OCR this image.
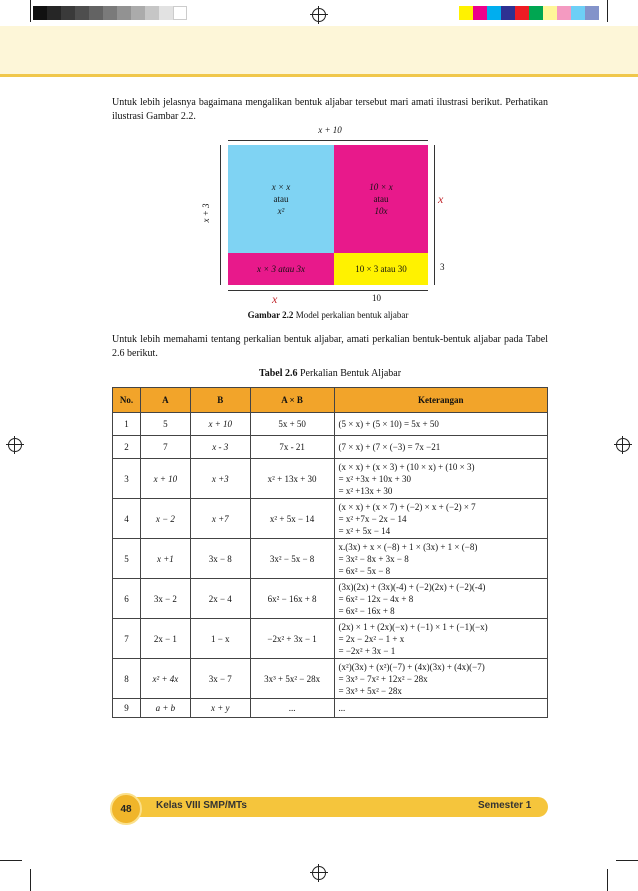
Untuk lebih jelasnya bagaimana mengalikan bentuk aljabar tersebut mari amati ilustrasi berikut. Perhatikan ilustrasi Gambar 2.2.

x + 10
x + 3
x × x
atau
x²
10 × x
atau
10x
x × 3 atau 3x	10 × 3 atau 30
x
3
x	10
Gambar 2.2 Model perkalian bentuk aljabar

Untuk lebih memahami tentang perkalian bentuk aljabar, amati perkalian bentuk-bentuk aljabar pada Tabel 2.6 berikut.

Tabel 2.6 Perkalian Bentuk Aljabar
No.	A	B	A × B	Keterangan
1	5	x + 10	5x + 50	(5 × x) + (5 × 10) = 5x + 50
2	7	x - 3	7x - 21	(7 × x) + (7 × (−3) = 7x −21
3	x + 10	x +3	x² + 13x + 30	(x × x) + (x × 3) + (10 × x) + (10 × 3)
= x² +3x + 10x + 30
= x² +13x + 30

4	x − 2	x +7	x² + 5x − 14	(x × x) + (x × 7) + (−2) × x + (−2) × 7
= x² +7x − 2x − 14
= x² + 5x − 14

5	x +1	3x − 8	3x² − 5x − 8	x.(3x) + x × (−8) + 1 × (3x) + 1 × (−8)
= 3x² − 8x + 3x − 8
= 6x² − 5x − 8

6	3x − 2	2x − 4	6x² − 16x + 8	(3x)(2x) + (3x)(-4) + (−2)(2x) + (−2)(-4)
= 6x² − 12x − 4x + 8
= 6x² − 16x + 8

7	2x − 1	1 − x	−2x² + 3x − 1	(2x) × 1 + (2x)(−x) + (−1) × 1 + (−1)(−x)
= 2x − 2x² − 1 + x
= −2x² + 3x − 1

8	x² + 4x	3x − 7	3x³ + 5x² − 28x	(x²)(3x) + (x²)(−7) + (4x)(3x) + (4x)(−7)
= 3x³ − 7x² + 12x² − 28x
= 3x³ + 5x² − 28x

9	a + b	x + y	...	...
48 Kelas VIII SMP/MTs	Semester 1
